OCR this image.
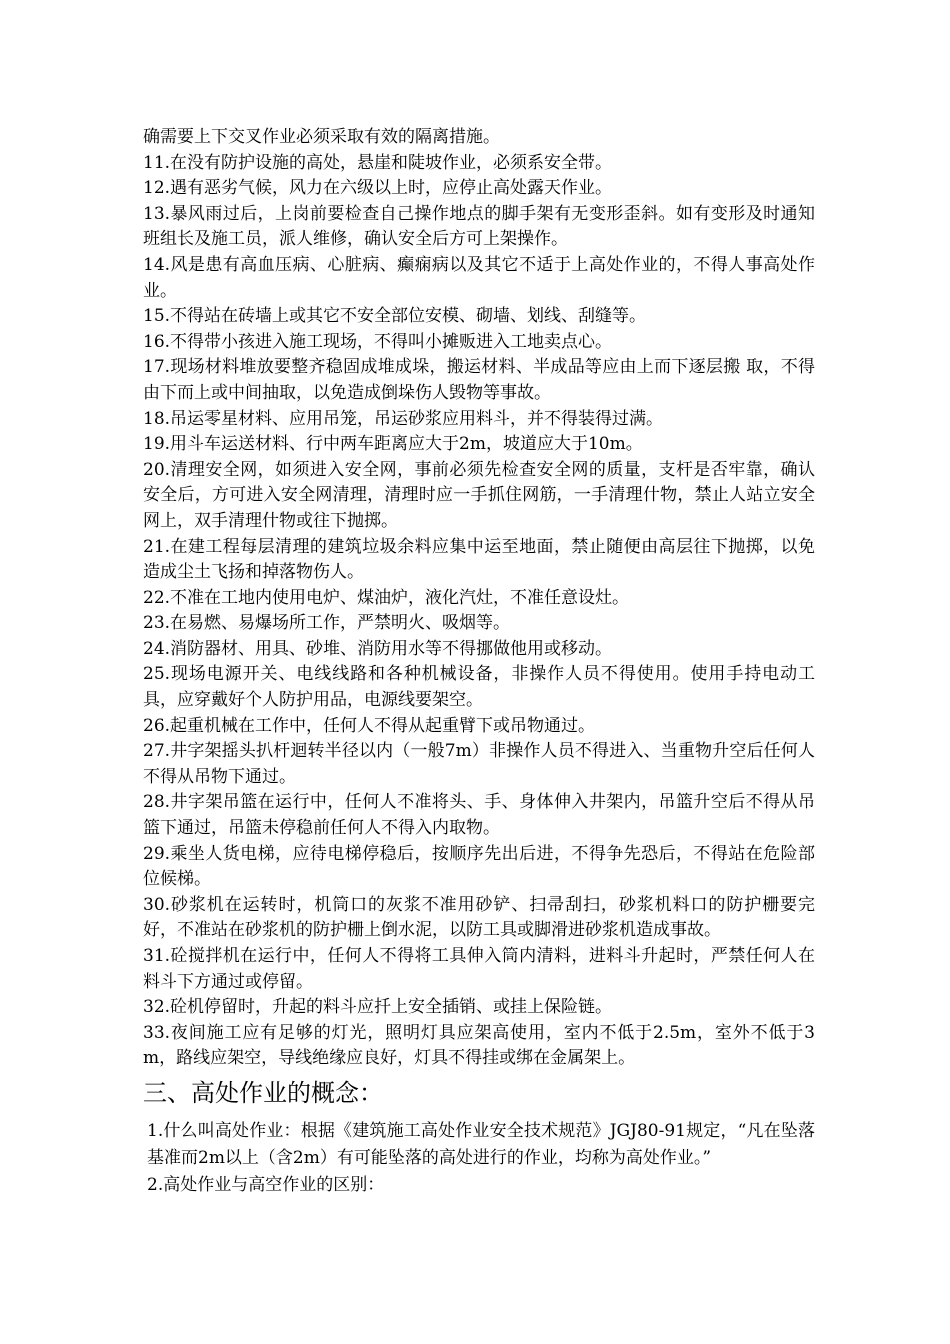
确需要上下交叉作业必须采取有效的隔离措施。

11.在没有防护设施的高处，悬崖和陡坡作业，必须系安全带。

12.遇有恶劣气候，风力在六级以上时，应停止高处露天作业。

13.暴风雨过后，上岗前要检查自己操作地点的脚手架有无变形歪斜。如有变形及时通知班组长及施工员，派人维修，确认安全后方可上架操作。

14.风是患有高血压病、心脏病、癫痫病以及其它不适于上高处作业的，不得人事高处作业。

15.不得站在砖墙上或其它不安全部位安模、砌墙、划线、刮缝等。

16.不得带小孩进入施工现场，不得叫小摊贩进入工地卖点心。

17.现场材料堆放要整齐稳固成堆成垛，搬运材料、半成品等应由上而下逐层搬 取，不得由下而上或中间抽取，以免造成倒垛伤人毁物等事故。

18.吊运零星材料、应用吊笼，吊运砂浆应用料斗，并不得装得过满。

19.用斗车运送材料、行中两车距离应大于2m，坡道应大于10m。

20.清理安全网，如须进入安全网，事前必须先检查安全网的质量，支杆是否牢靠，确认安全后，方可进入安全网清理，清理时应一手抓住网筋，一手清理什物，禁止人站立安全网上，双手清理什物或往下抛掷。

21.在建工程每层清理的建筑垃圾余料应集中运至地面，禁止随便由高层往下抛掷，以免造成尘土飞扬和掉落物伤人。

22.不准在工地内使用电炉、煤油炉，液化汽灶，不准任意设灶。

23.在易燃、易爆场所工作，严禁明火、吸烟等。

24.消防器材、用具、砂堆、消防用水等不得挪做他用或移动。

25.现场电源开关、电线线路和各种机械设备，非操作人员不得使用。使用手持电动工具，应穿戴好个人防护用品，电源线要架空。

26.起重机械在工作中，任何人不得从起重臂下或吊物通过。

27.井字架摇头扒杆迴转半径以内（一般7m）非操作人员不得进入、当重物升空后任何人不得从吊物下通过。

28.井字架吊篮在运行中，任何人不准将头、手、身体伸入井架内，吊篮升空后不得从吊篮下通过，吊篮未停稳前任何人不得入内取物。

29.乘坐人货电梯，应待电梯停稳后，按顺序先出后进，不得争先恐后，不得站在危险部位候梯。

30.砂浆机在运转时，机筒口的灰浆不准用砂铲、扫帚刮扫，砂浆机料口的防护栅要完好，不准站在砂浆机的防护栅上倒水泥，以防工具或脚滑进砂浆机造成事故。

31.砼搅拌机在运行中，任何人不得将工具伸入筒内清料，进料斗升起时，严禁任何人在料斗下方通过或停留。

32.砼机停留时，升起的料斗应扦上安全插销、或挂上保险链。

33.夜间施工应有足够的灯光，照明灯具应架高使用，室内不低于2.5m，室外不低于3m，路线应架空，导线绝缘应良好，灯具不得挂或绑在金属架上。

三、高处作业的概念：

1.什么叫高处作业：根据《建筑施工高处作业安全技术规范》JGJ80-91规定，“凡在坠落基准而2m以上（含2m）有可能坠落的高处进行的作业，均称为高处作业。”

2.高处作业与高空作业的区别：
